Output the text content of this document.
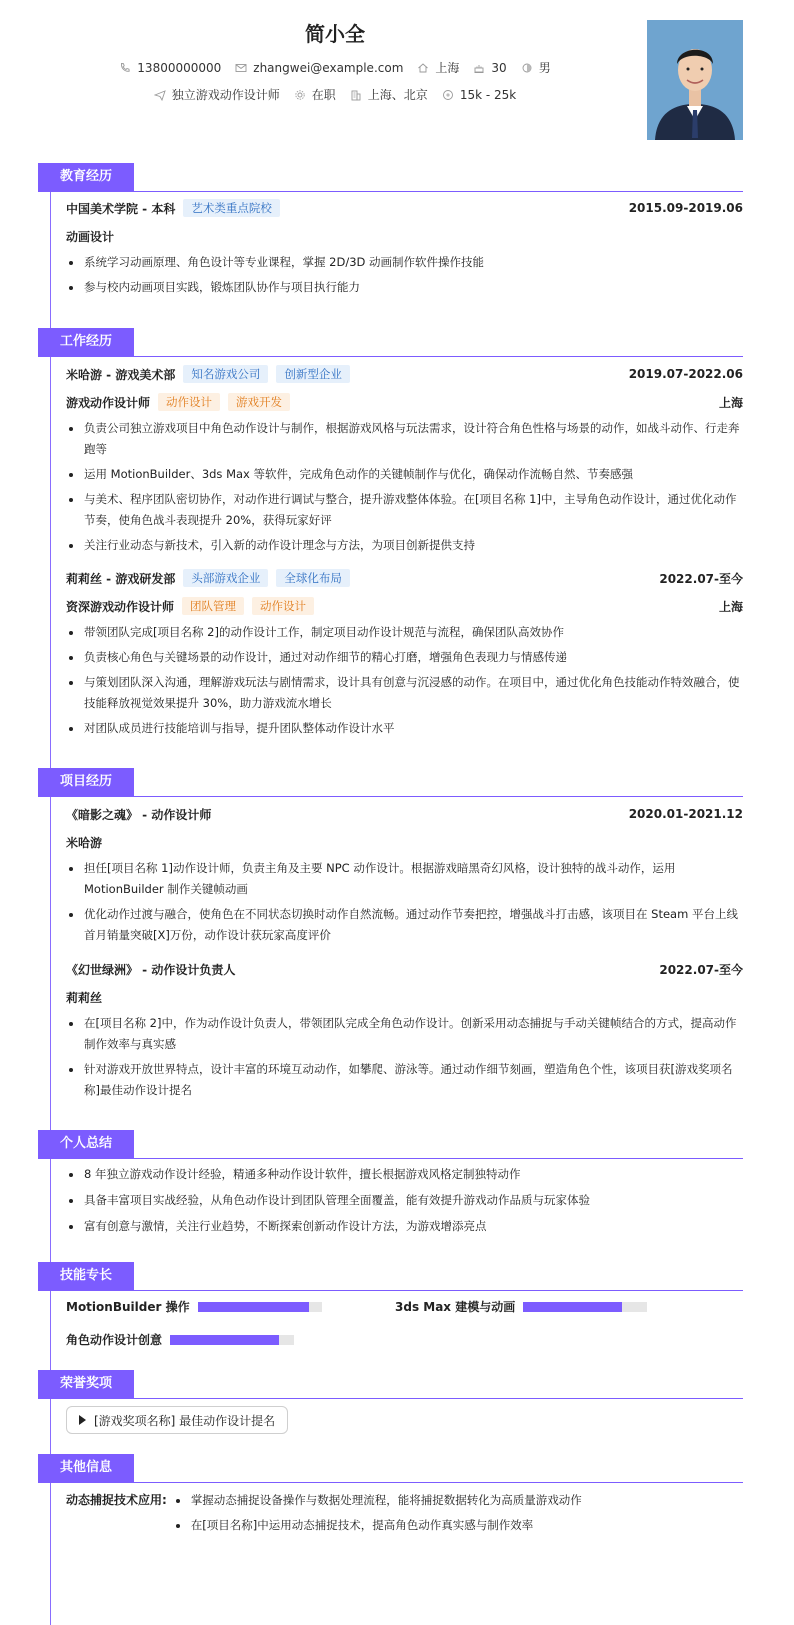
简小全
13800000000	zhangwei@example.com	上海	30	男
独立游戏动作设计师	在职	上海、北京	15k - 25k
教育经历
中国美术学院 - 本科	艺术类重点院校	2015.09-2019.06
动画设计
系统学习动画原理、角色设计等专业课程，掌握 2D/3D 动画制作软件操作技能
参与校内动画项目实践，锻炼团队协作与项目执行能力
工作经历
米哈游 - 游戏美术部	知名游戏公司	创新型企业	2019.07-2022.06
游戏动作设计师	动作设计	游戏开发	上海
负责公司独立游戏项目中角色动作设计与制作，根据游戏风格与玩法需求，设计符合角色性格与场景的动作，如战斗动作、行走奔跑等
运用 MotionBuilder、3ds Max 等软件，完成角色动作的关键帧制作与优化，确保动作流畅自然、节奏感强
与美术、程序团队密切协作，对动作进行调试与整合，提升游戏整体体验。在[项目名称 1]中，主导角色动作设计，通过优化动作节奏，使角色战斗表现提升 20%，获得玩家好评
关注行业动态与新技术，引入新的动作设计理念与方法，为项目创新提供支持
莉莉丝 - 游戏研发部	头部游戏企业	全球化布局	2022.07-至今
资深游戏动作设计师	团队管理	动作设计	上海
带领团队完成[项目名称 2]的动作设计工作，制定项目动作设计规范与流程，确保团队高效协作
负责核心角色与关键场景的动作设计，通过对动作细节的精心打磨，增强角色表现力与情感传递
与策划团队深入沟通，理解游戏玩法与剧情需求，设计具有创意与沉浸感的动作。在项目中，通过优化角色技能动作特效融合，使技能释放视觉效果提升 30%，助力游戏流水增长
对团队成员进行技能培训与指导，提升团队整体动作设计水平
项目经历
《暗影之魂》 - 动作设计师	2020.01-2021.12
米哈游
担任[项目名称 1]动作设计师，负责主角及主要 NPC 动作设计。根据游戏暗黑奇幻风格，设计独特的战斗动作，运用 MotionBuilder 制作关键帧动画
优化动作过渡与融合，使角色在不同状态切换时动作自然流畅。通过动作节奏把控，增强战斗打击感，该项目在 Steam 平台上线首月销量突破[X]万份，动作设计获玩家高度评价
《幻世绿洲》 - 动作设计负责人	2022.07-至今
莉莉丝
在[项目名称 2]中，作为动作设计负责人，带领团队完成全角色动作设计。创新采用动态捕捉与手动关键帧结合的方式，提高动作制作效率与真实感
针对游戏开放世界特点，设计丰富的环境互动动作，如攀爬、游泳等。通过动作细节刻画，塑造角色个性，该项目获[游戏奖项名称]最佳动作设计提名
个人总结
8 年独立游戏动作设计经验，精通多种动作设计软件，擅长根据游戏风格定制独特动作
具备丰富项目实战经验，从角色动作设计到团队管理全面覆盖，能有效提升游戏动作品质与玩家体验
富有创意与激情，关注行业趋势，不断探索创新动作设计方法，为游戏增添亮点
技能专长
MotionBuilder 操作	3ds Max 建模与动画
角色动作设计创意
荣誉奖项
[游戏奖项名称] 最佳动作设计提名
其他信息
动态捕捉技术应用:	掌握动态捕捉设备操作与数据处理流程，能将捕捉数据转化为高质量游戏动作
在[项目名称]中运用动态捕捉技术，提高角色动作真实感与制作效率
